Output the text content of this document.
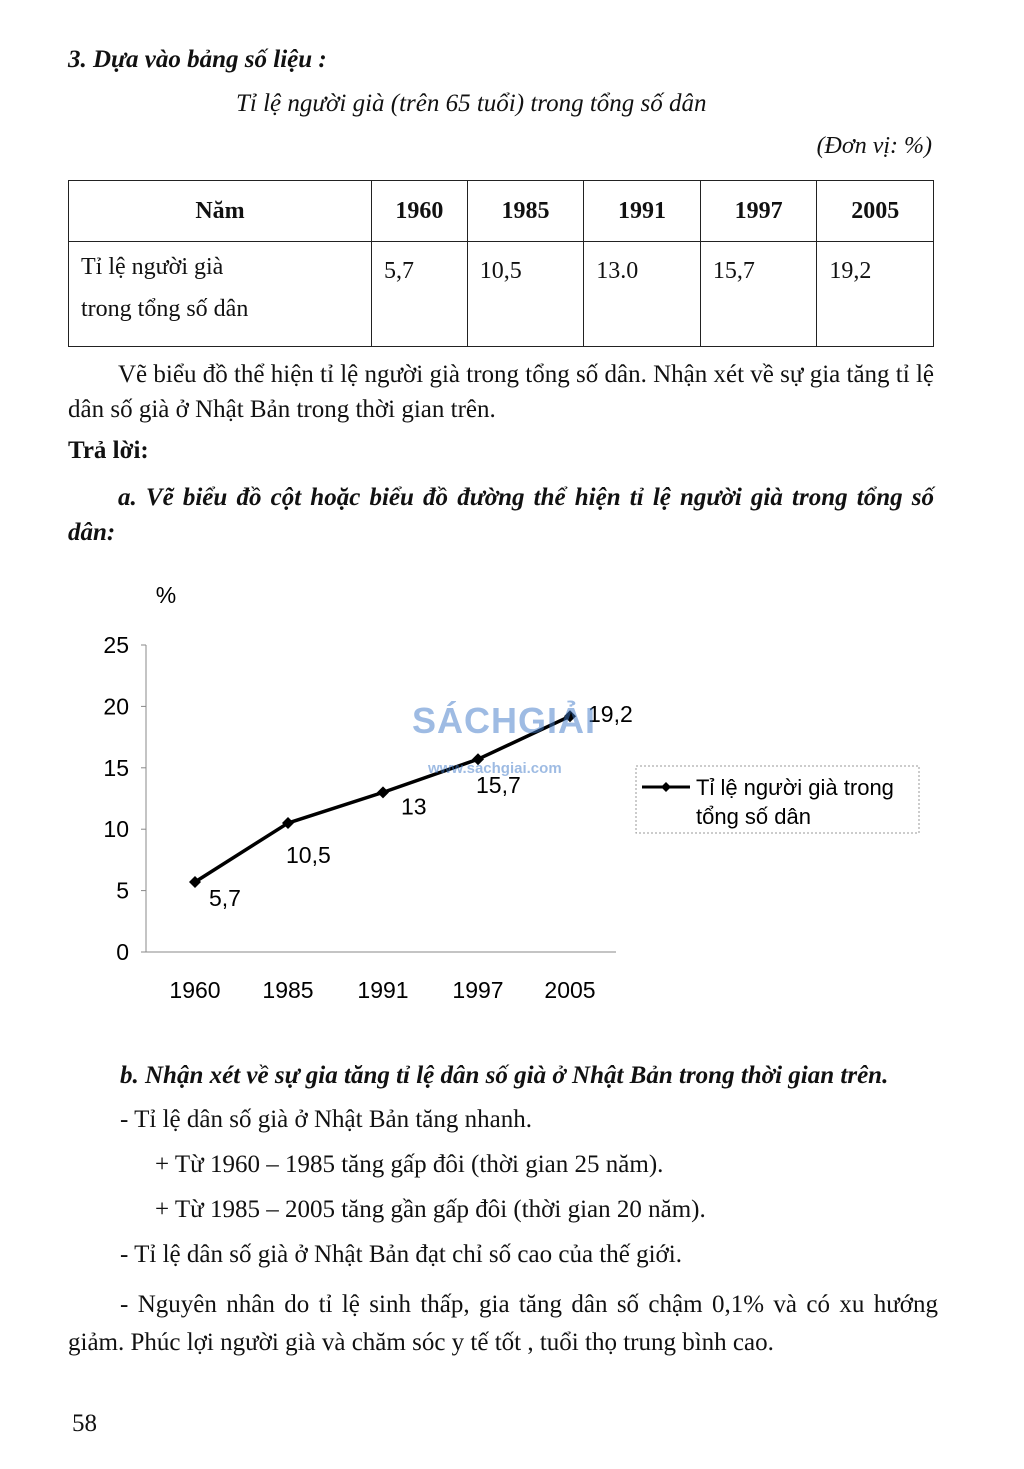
3. Dựa vào bảng số liệu :
Tỉ lệ người già (trên 65 tuổi) trong tổng số dân
(Đơn vị: %)
Năm	1960	1985	1991	1997	2005
Tỉ lệ người già
trong tổng số dân	5,7	10,5	13.0	15,7	19,2
Vẽ biểu đồ thể hiện tỉ lệ người già trong tổng số dân. Nhận xét về sự gia tăng tỉ lệ dân số già ở Nhật Bản trong thời gian trên.
Trả lời:
a. Vẽ biểu đồ cột hoặc biểu đồ đường thể hiện tỉ lệ người già trong tổng số dân:
%
0
5
10
15
20
25
1960 1985 1991 1997 2005
5,7
10,5
13
15,7
19,2
Tỉ lệ người già trong
tổng số dân
SÁCHGIẢI
www.sachgiai.com
b. Nhận xét về sự gia tăng tỉ lệ dân số già ở Nhật Bản trong thời gian trên.
- Tỉ lệ dân số già ở Nhật Bản tăng nhanh.
+ Từ 1960 – 1985 tăng gấp đôi (thời gian 25 năm).
+ Từ 1985 – 2005 tăng gần gấp đôi (thời gian 20 năm).
- Tỉ lệ dân số già ở Nhật Bản đạt chỉ số cao của thế giới.
- Nguyên nhân do tỉ lệ sinh thấp, gia tăng dân số chậm 0,1% và có xu hướng giảm. Phúc lợi người già và chăm sóc y tế tốt , tuổi thọ trung bình cao.
58
